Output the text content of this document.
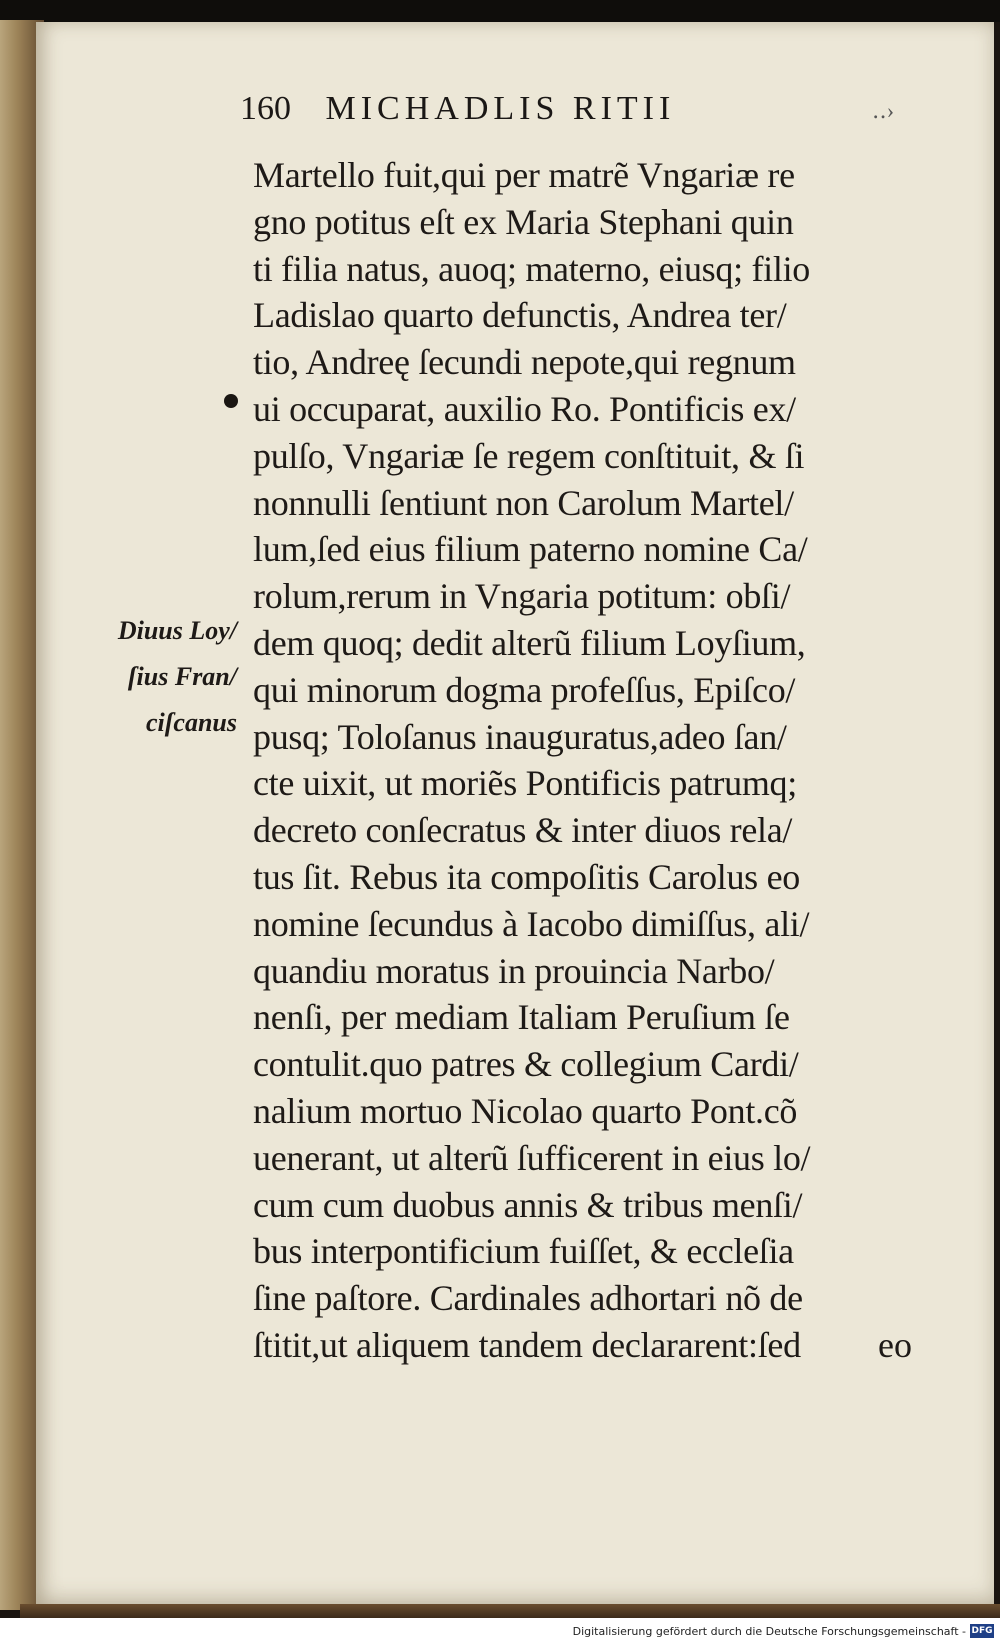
160 MICHADLIS RITII	․․›
Martello fuit,qui per matrẽ Vngariæ re
gno potitus eſt ex Maria Stephani quin
ti filia natus, auoq; materno, eiusq; filio
Ladislao quarto defunctis, Andrea ter/
tio, Andreę ſecundi nepote,qui regnum
ui occuparat, auxilio Ro. Pontificis ex/
pulſo, Vngariæ ſe regem conſtituit, & ſi
nonnulli ſentiunt non Carolum Martel/
lum,ſed eius filium paterno nomine Ca/
rolum,rerum in Vngaria potitum: obſi/
dem quoq; dedit alterũ filium Loyſium,
qui minorum dogma profeſſus, Epiſco/
pusq; Toloſanus inauguratus,adeo ſan/
cte uixit, ut moriẽs Pontificis patrumq;
decreto conſecratus & inter diuos rela/
tus ſit. Rebus ita compoſitis Carolus eo
nomine ſecundus à Iacobo dimiſſus, ali/
quandiu moratus in prouincia Narbo/
nenſi, per mediam Italiam Peruſium ſe
contulit.quo patres & collegium Cardi/
nalium mortuo Nicolao quarto Pont.cõ
uenerant, ut alterũ ſufficerent in eius lo/
cum cum duobus annis & tribus menſi/
bus interpontificium fuiſſet, & eccleſia
ſine paſtore. Cardinales adhortari nõ de
ſtitit,ut aliquem tandem declararent:ſed	eo
Diuus Loy/
ſius Fran/
ciſcanus
Digitalisierung gefördert durch die Deutsche Forschungsgemeinschaft - DFG
